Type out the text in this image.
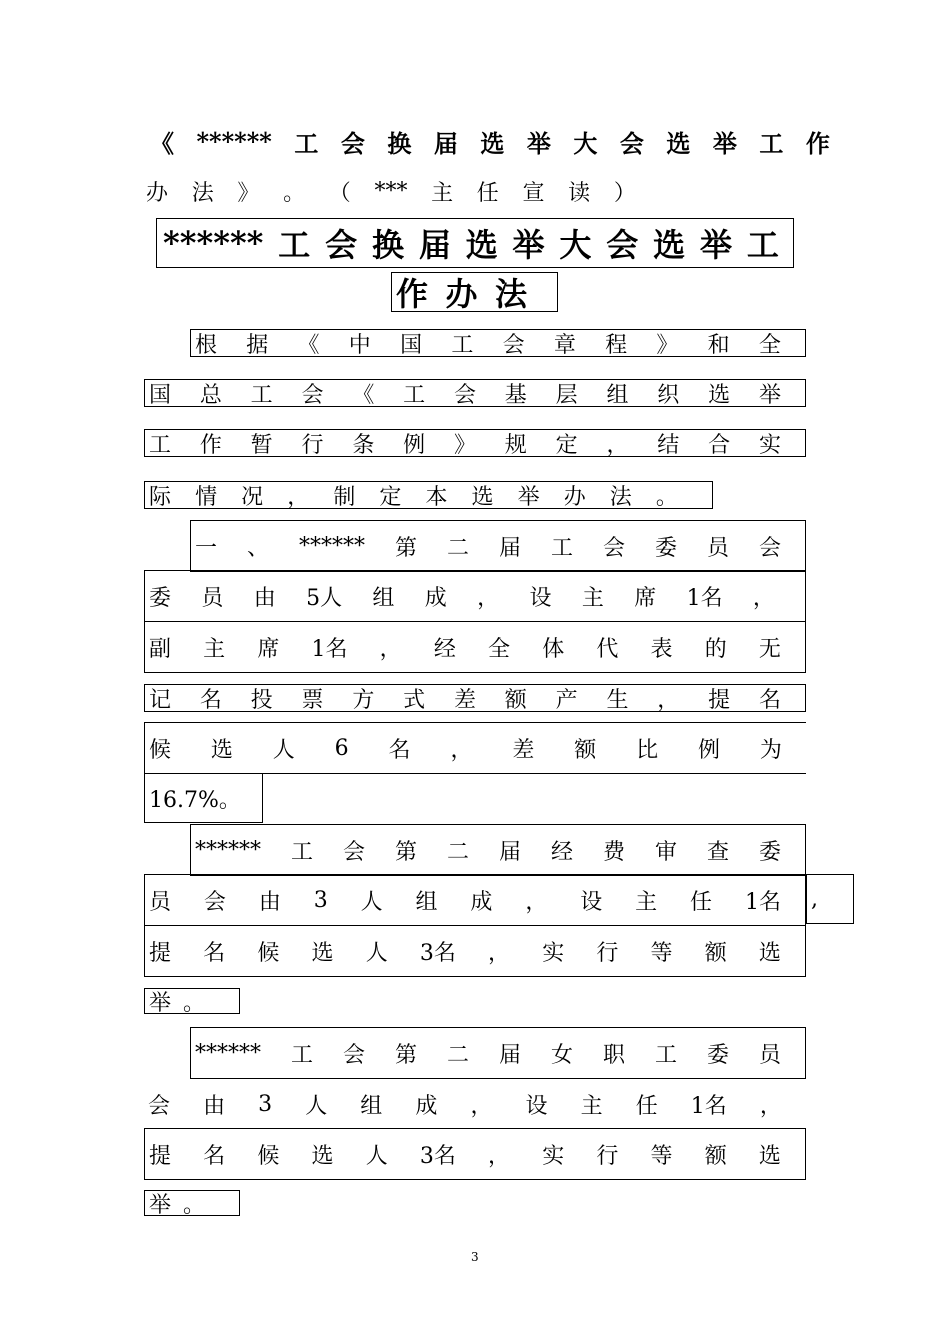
《 ****** 工 会 换 届 选 举 大 会 选 举 工 作
办 法 》 。 （ *** 主 任 宣 读 ）
****** 工 会 换 届 选 举 大 会 选 举 工
作 办 法
根 据 《 中 国 工 会 章 程 》 和 全
国 总 工 会 《 工 会 基 层 组 织 选 举
工 作 暂 行 条 例 》 规 定 ， 结 合 实
际 情 况 ， 制 定 本 选 举 办 法 。
一 、 ****** 第 二 届 工 会 委 员 会
委 员 由 5人 组 成 ， 设 主 席 1名 ，
副 主 席 1名 ， 经 全 体 代 表 的 无
记 名 投 票 方 式 差 额 产 生 ， 提 名
候 选 人 6 名 ， 差 额 比 例 为
16.7%。
****** 工 会 第 二 届 经 费 审 查 委
员 会 由 3 人 组 成 ， 设 主 任 1名 ,
提 名 候 选 人 3名 ， 实 行 等 额 选
举 。
****** 工 会 第 二 届 女 职 工 委 员
会 由 3 人 组 成 ， 设 主 任 1名 ，
提 名 候 选 人 3名 ， 实 行 等 额 选
举 。
3
